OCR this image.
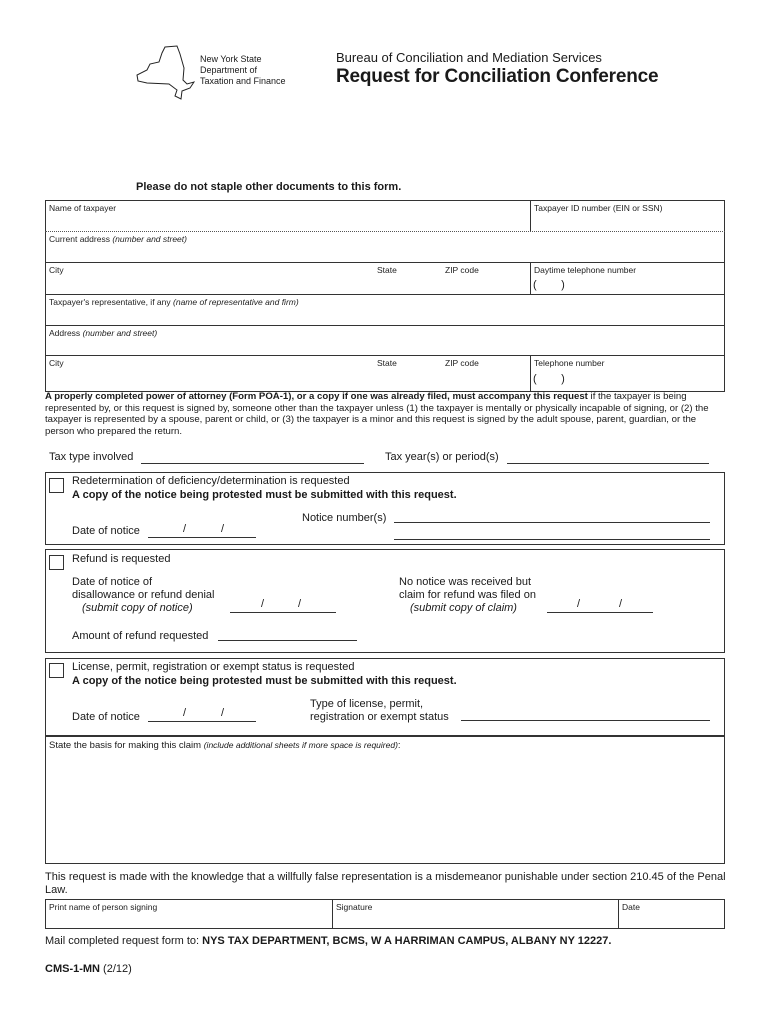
New York State
Department of
Taxation and Finance
Bureau of Conciliation and Mediation Services
Request for Conciliation Conference
Please do not staple other documents to this form.
Name of taxpayer	Taxpayer ID number (EIN or SSN)
Current address (number and street)
City	State	ZIP code	Daytime telephone number
(        )
Taxpayer's representative, if any (name of representative and firm)
Address (number and street)
City	State	ZIP code	Telephone number
(        )
A properly completed power of attorney (Form POA-1), or a copy if one was already filed, must accompany this request if the taxpayer is being represented by, or this request is signed by, someone other than the taxpayer unless (1) the taxpayer is mentally or physically incapable of signing, or (2) the taxpayer is represented by a spouse, parent or child, or (3) the taxpayer is a minor and this request is signed by the adult spouse, parent, guardian, or the person who prepared the return.
Tax type involved	Tax year(s) or period(s)
Redetermination of deficiency/determination is requested
A copy of the notice being protested must be submitted with this request.
Notice number(s)
Date of notice	/	/
Refund is requested
Date of notice of
disallowance or refund denial
(submit copy of notice)	/	/
No notice was received but
claim for refund was filed on
(submit copy of claim)	/	/
Amount of refund requested
License, permit, registration or exempt status is requested
A copy of the notice being protested must be submitted with this request.
Type of license, permit,
registration or exempt status
Date of notice	/	/
State the basis for making this claim (include additional sheets if more space is required):
This request is made with the knowledge that a willfully false representation is a misdemeanor punishable under section 210.45 of the Penal Law.
Print name of person signing	Signature	Date
Mail completed request form to: NYS TAX DEPARTMENT, BCMS, W A HARRIMAN CAMPUS, ALBANY NY 12227.
CMS-1-MN (2/12)
